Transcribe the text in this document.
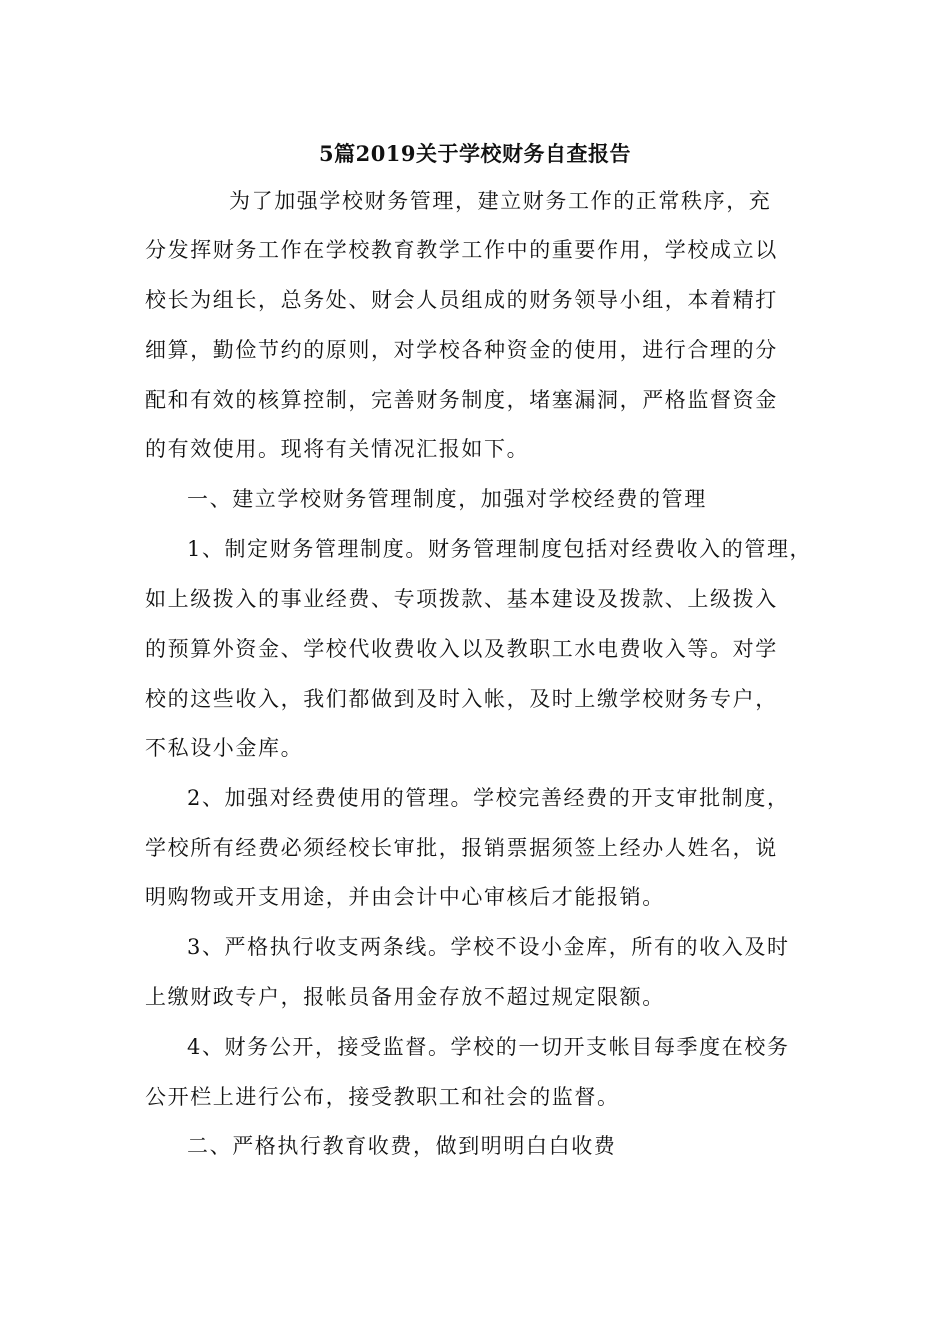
5篇2019关于学校财务自查报告
为了加强学校财务管理，建立财务工作的正常秩序，充
分发挥财务工作在学校教育教学工作中的重要作用，学校成立以
校长为组长，总务处、财会人员组成的财务领导小组，本着精打
细算，勤俭节约的原则，对学校各种资金的使用，进行合理的分
配和有效的核算控制，完善财务制度，堵塞漏洞，严格监督资金
的有效使用。现将有关情况汇报如下。
一、建立学校财务管理制度，加强对学校经费的管理
1、制定财务管理制度。财务管理制度包括对经费收入的管理，
如上级拨入的事业经费、专项拨款、基本建设及拨款、上级拨入
的预算外资金、学校代收费收入以及教职工水电费收入等。对学
校的这些收入，我们都做到及时入帐，及时上缴学校财务专户，
不私设小金库。
2、加强对经费使用的管理。学校完善经费的开支审批制度，
学校所有经费必须经校长审批，报销票据须签上经办人姓名，说
明购物或开支用途，并由会计中心审核后才能报销。
3、严格执行收支两条线。学校不设小金库，所有的收入及时
上缴财政专户，报帐员备用金存放不超过规定限额。
4、财务公开，接受监督。学校的一切开支帐目每季度在校务
公开栏上进行公布，接受教职工和社会的监督。
二、严格执行教育收费，做到明明白白收费
